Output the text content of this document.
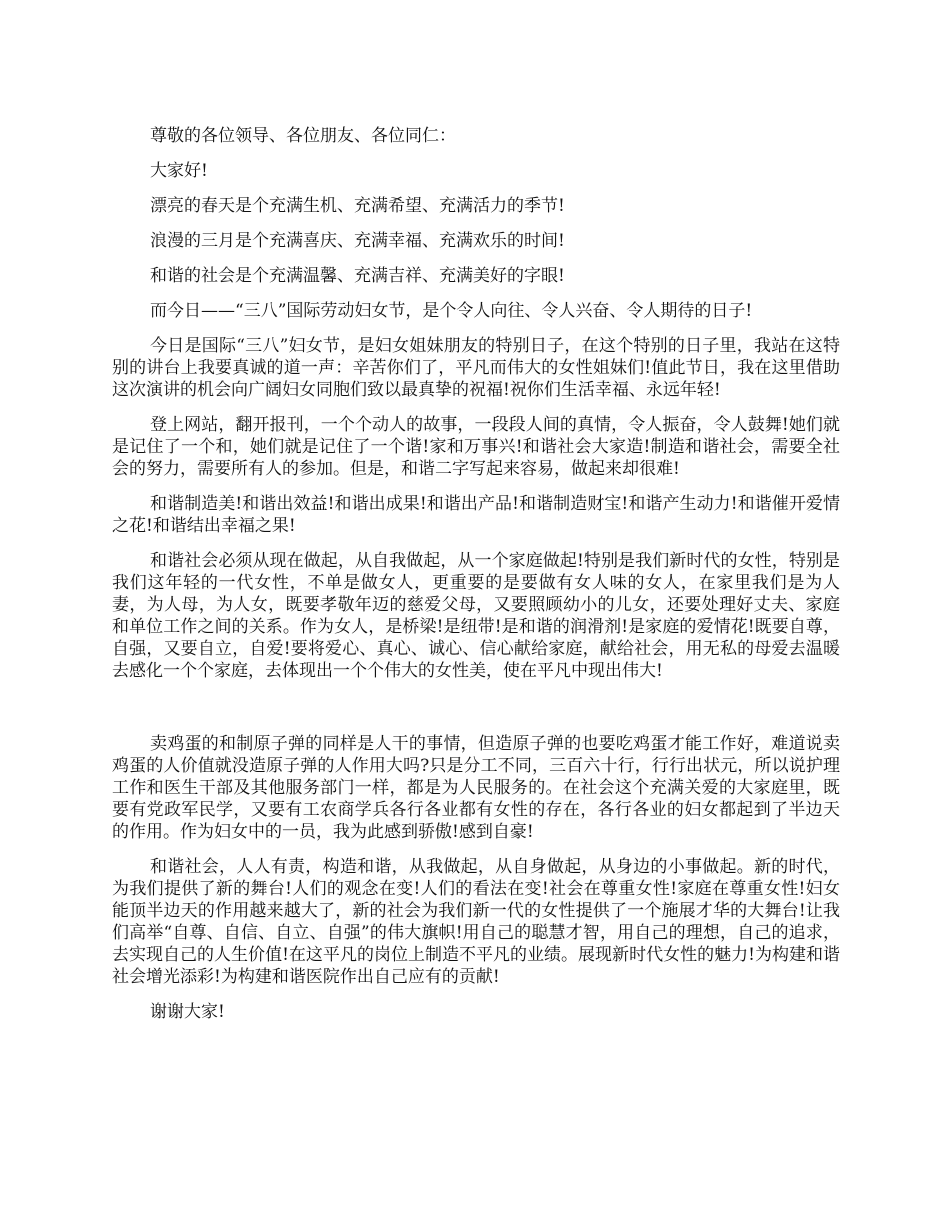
尊敬的各位领导、各位朋友、各位同仁：

大家好!

漂亮的春天是个充满生机、充满希望、充满活力的季节!

浪漫的三月是个充满喜庆、充满幸福、充满欢乐的时间!

和谐的社会是个充满温馨、充满吉祥、充满美好的字眼!

而今日——“三八”国际劳动妇女节，是个令人向往、令人兴奋、令人期待的日子!

今日是国际“三八”妇女节，是妇女姐妹朋友的特别日子，在这个特别的日子里，我站在这特别的讲台上我要真诚的道一声：辛苦你们了，平凡而伟大的女性姐妹们!值此节日，我在这里借助这次演讲的机会向广阔妇女同胞们致以最真挚的祝福!祝你们生活幸福、永远年轻!

登上网站，翻开报刊，一个个动人的故事，一段段人间的真情，令人振奋，令人鼓舞!她们就是记住了一个和，她们就是记住了一个谐!家和万事兴!和谐社会大家造!制造和谐社会，需要全社会的努力，需要所有人的参加。但是，和谐二字写起来容易，做起来却很难!

和谐制造美!和谐出效益!和谐出成果!和谐出产品!和谐制造财宝!和谐产生动力!和谐催开爱情之花!和谐结出幸福之果!

和谐社会必须从现在做起，从自我做起，从一个家庭做起!特别是我们新时代的女性，特别是我们这年轻的一代女性，不单是做女人，更重要的是要做有女人味的女人，在家里我们是为人妻，为人母，为人女，既要孝敬年迈的慈爱父母，又要照顾幼小的儿女，还要处理好丈夫、家庭和单位工作之间的关系。作为女人，是桥梁!是纽带!是和谐的润滑剂!是家庭的爱情花!既要自尊，自强，又要自立，自爱!要将爱心、真心、诚心、信心献给家庭，献给社会，用无私的母爱去温暖去感化一个个家庭，去体现出一个个伟大的女性美，使在平凡中现出伟大!

卖鸡蛋的和制原子弹的同样是人干的事情，但造原子弹的也要吃鸡蛋才能工作好，难道说卖鸡蛋的人价值就没造原子弹的人作用大吗?只是分工不同，三百六十行，行行出状元，所以说护理工作和医生干部及其他服务部门一样，都是为人民服务的。在社会这个充满关爱的大家庭里，既要有党政军民学，又要有工农商学兵各行各业都有女性的存在，各行各业的妇女都起到了半边天的作用。作为妇女中的一员，我为此感到骄傲!感到自豪!

和谐社会，人人有责，构造和谐，从我做起，从自身做起，从身边的小事做起。新的时代，为我们提供了新的舞台!人们的观念在变!人们的看法在变!社会在尊重女性!家庭在尊重女性!妇女能顶半边天的作用越来越大了，新的社会为我们新一代的女性提供了一个施展才华的大舞台!让我们高举“自尊、自信、自立、自强”的伟大旗帜!用自己的聪慧才智，用自己的理想，自己的追求，去实现自己的人生价值!在这平凡的岗位上制造不平凡的业绩。展现新时代女性的魅力!为构建和谐社会增光添彩!为构建和谐医院作出自己应有的贡献!

谢谢大家!
